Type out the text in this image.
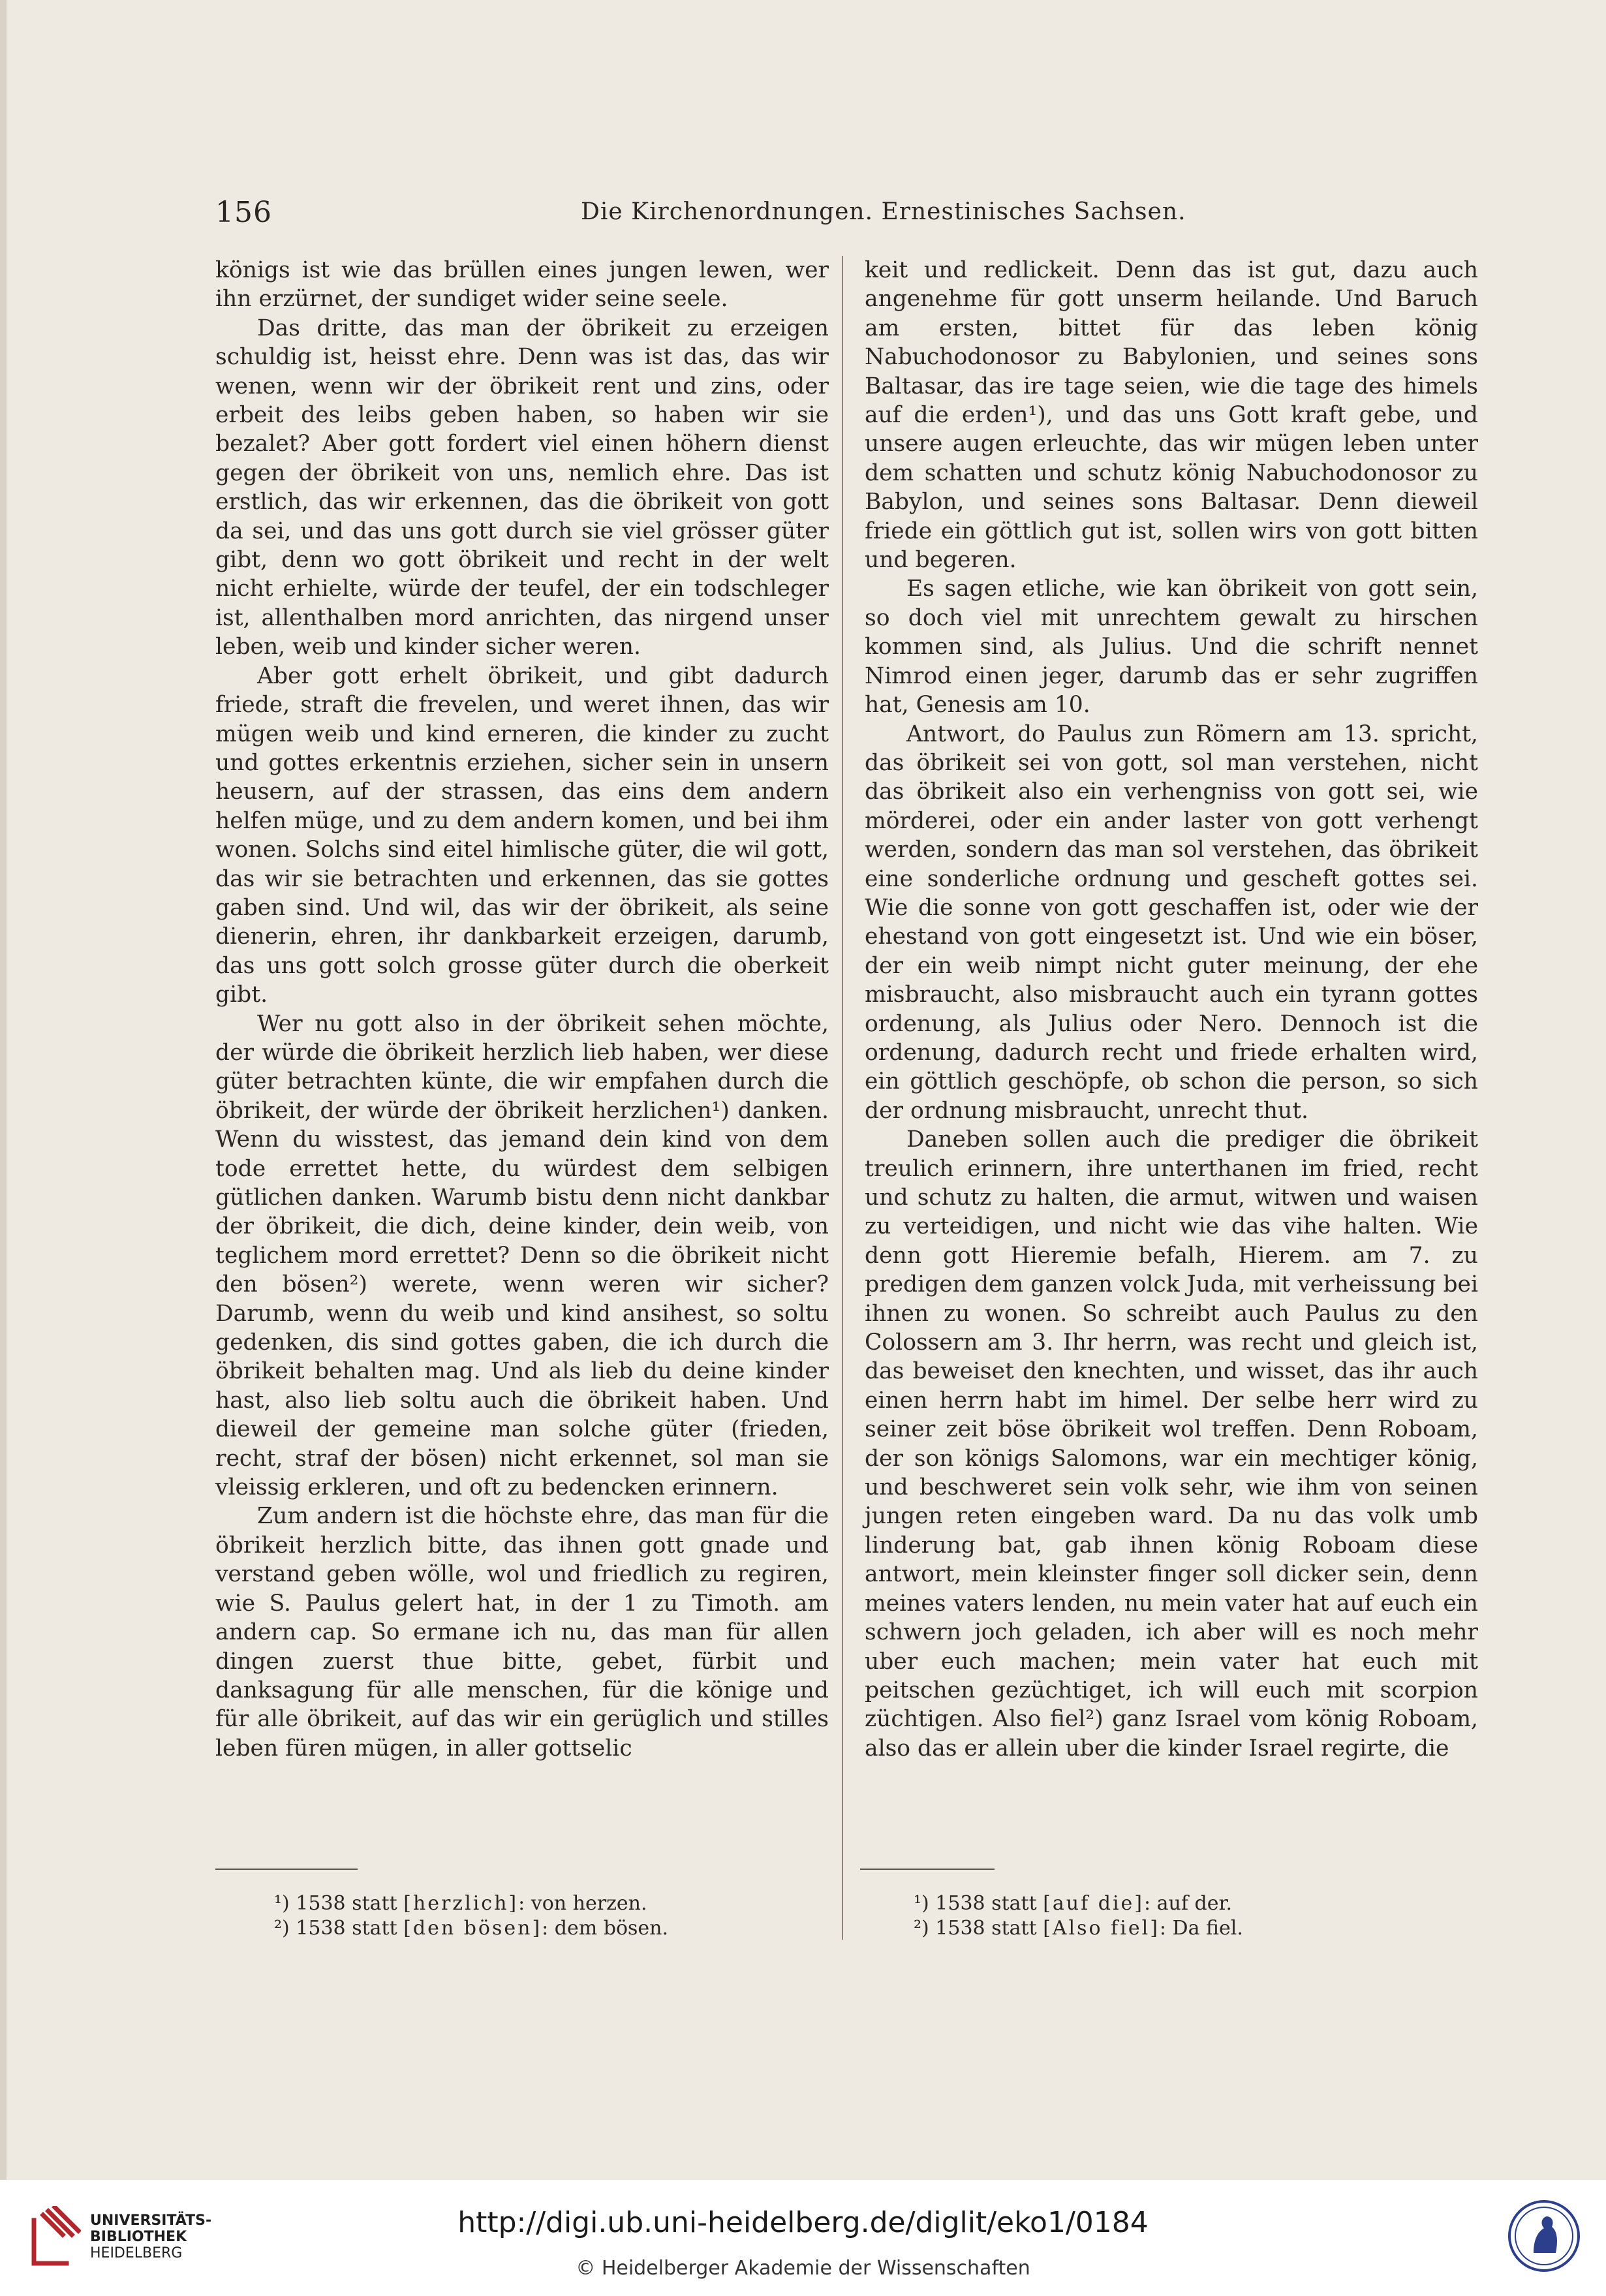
156	Die Kirchenordnungen. Ernestinisches Sachsen.

königs ist wie das brüllen eines jungen lewen, wer ihn erzürnet, der sundiget wider seine seele.

Das dritte, das man der öbrikeit zu erzeigen schuldig ist, heisst ehre. Denn was ist das, das wir wenen, wenn wir der öbrikeit rent und zins, oder erbeit des leibs geben haben, so haben wir sie bezalet? Aber gott fordert viel einen höhern dienst gegen der öbrikeit von uns, nemlich ehre. Das ist erstlich, das wir erkennen, das die öbrikeit von gott da sei, und das uns gott durch sie viel grösser güter gibt, denn wo gott öbrikeit und recht in der welt nicht erhielte, würde der teufel, der ein todschleger ist, allenthalben mord anrichten, das nirgend unser leben, weib und kinder sicher weren.

Aber gott erhelt öbrikeit, und gibt dadurch friede, straft die frevelen, und weret ihnen, das wir mügen weib und kind erneren, die kinder zu zucht und gottes erkentnis erziehen, sicher sein in unsern heusern, auf der strassen, das eins dem andern helfen müge, und zu dem andern komen, und bei ihm wonen. Solchs sind eitel himlische güter, die wil gott, das wir sie betrachten und erkennen, das sie gottes gaben sind. Und wil, das wir der öbrikeit, als seine dienerin, ehren, ihr dankbarkeit erzeigen, darumb, das uns gott solch grosse güter durch die oberkeit gibt.

Wer nu gott also in der öbrikeit sehen möchte, der würde die öbrikeit herzlich lieb haben, wer diese güter betrachten künte, die wir empfahen durch die öbrikeit, der würde der öbrikeit herzlichen¹) danken. Wenn du wisstest, das jemand dein kind von dem tode errettet hette, du würdest dem selbigen gütlichen danken. Warumb bistu denn nicht dankbar der öbrikeit, die dich, deine kinder, dein weib, von teglichem mord errettet? Denn so die öbrikeit nicht den bösen²) werete, wenn weren wir sicher? Darumb, wenn du weib und kind ansihest, so soltu gedenken, dis sind gottes gaben, die ich durch die öbrikeit behalten mag. Und als lieb du deine kinder hast, also lieb soltu auch die öbrikeit haben. Und dieweil der gemeine man solche güter (frieden, recht, straf der bösen) nicht erkennet, sol man sie vleissig erkleren, und oft zu bedencken erinnern.

Zum andern ist die höchste ehre, das man für die öbrikeit herzlich bitte, das ihnen gott gnade und verstand geben wölle, wol und friedlich zu regiren, wie S. Paulus gelert hat, in der 1 zu Timoth. am andern cap. So ermane ich nu, das man für allen dingen zuerst thue bitte, gebet, fürbit und danksagung für alle menschen, für die könige und für alle öbrikeit, auf das wir ein gerüglich und stilles leben füren mügen, in aller gottselic

keit und redlickeit. Denn das ist gut, dazu auch angenehme für gott unserm heilande. Und Baruch am ersten, bittet für das leben könig Nabuchodonosor zu Babylonien, und seines sons Baltasar, das ire tage seien, wie die tage des himels auf die erden¹), und das uns Gott kraft gebe, und unsere augen erleuchte, das wir mügen leben unter dem schatten und schutz könig Nabuchodonosor zu Babylon, und seines sons Baltasar. Denn dieweil friede ein göttlich gut ist, sollen wirs von gott bitten und begeren.

Es sagen etliche, wie kan öbrikeit von gott sein, so doch viel mit unrechtem gewalt zu hirschen kommen sind, als Julius. Und die schrift nennet Nimrod einen jeger, darumb das er sehr zugriffen hat, Genesis am 10.

Antwort, do Paulus zun Römern am 13. spricht, das öbrikeit sei von gott, sol man verstehen, nicht das öbrikeit also ein verhengniss von gott sei, wie mörderei, oder ein ander laster von gott verhengt werden, sondern das man sol verstehen, das öbrikeit eine sonderliche ordnung und gescheft gottes sei. Wie die sonne von gott geschaffen ist, oder wie der ehestand von gott eingesetzt ist. Und wie ein böser, der ein weib nimpt nicht guter meinung, der ehe misbraucht, also misbraucht auch ein tyrann gottes ordenung, als Julius oder Nero. Dennoch ist die ordenung, dadurch recht und friede erhalten wird, ein göttlich geschöpfe, ob schon die person, so sich der ordnung misbraucht, unrecht thut.

Daneben sollen auch die prediger die öbrikeit treulich erinnern, ihre unterthanen im fried, recht und schutz zu halten, die armut, witwen und waisen zu verteidigen, und nicht wie das vihe halten. Wie denn gott Hieremie befalh, Hierem. am 7. zu predigen dem ganzen volck Juda, mit verheissung bei ihnen zu wonen. So schreibt auch Paulus zu den Colossern am 3. Ihr herrn, was recht und gleich ist, das beweiset den knechten, und wisset, das ihr auch einen herrn habt im himel. Der selbe herr wird zu seiner zeit böse öbrikeit wol treffen. Denn Roboam, der son königs Salomons, war ein mechtiger könig, und beschweret sein volk sehr, wie ihm von seinen jungen reten eingeben ward. Da nu das volk umb linderung bat, gab ihnen könig Roboam diese antwort, mein kleinster finger soll dicker sein, denn meines vaters lenden, nu mein vater hat auf euch ein schwern joch geladen, ich aber will es noch mehr uber euch machen; mein vater hat euch mit peitschen gezüchtiget, ich will euch mit scorpion züchtigen. Also fiel²) ganz Israel vom könig Roboam, also das er allein uber die kinder Israel regirte, die

¹) 1538 statt [herzlich]: von herzen.
²) 1538 statt [den bösen]: dem bösen.
¹) 1538 statt [auf die]: auf der.
²) 1538 statt [Also fiel]: Da fiel.
UNIVERSITÄTS-
BIBLIOTHEK
HEIDELBERG
http://digi.ub.uni-heidelberg.de/diglit/eko1/0184
© Heidelberger Akademie der Wissenschaften
